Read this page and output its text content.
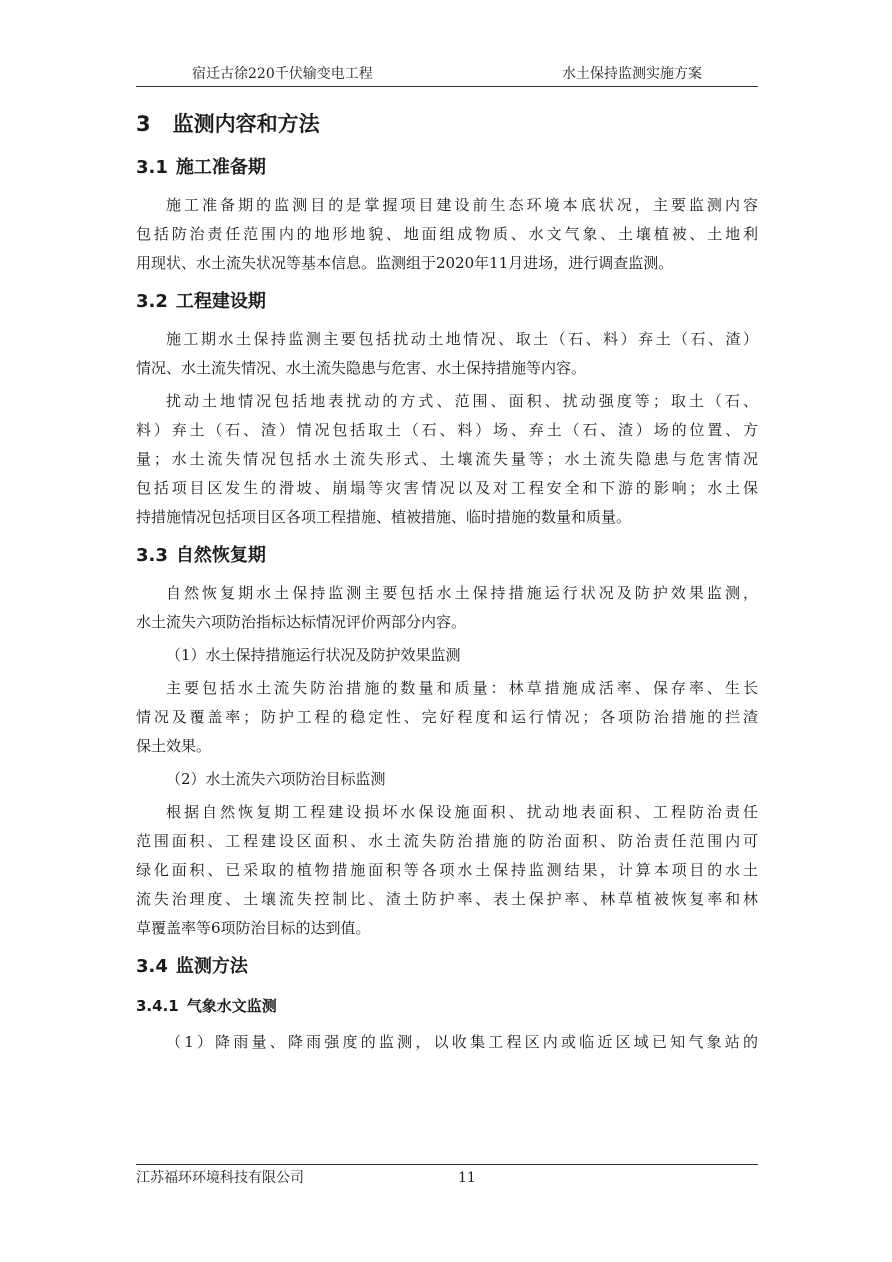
宿迁古徐220千伏输变电工程	水土保持监测实施方案
3 监测内容和方法
3.1 施工准备期
施工准备期的监测目的是掌握项目建设前生态环境本底状况，主要监测内容
包括防治责任范围内的地形地貌、地面组成物质、水文气象、土壤植被、土地利
用现状、水土流失状况等基本信息。监测组于2020年11月进场，进行调查监测。
3.2 工程建设期
施工期水土保持监测主要包括扰动土地情况、取土（石、料）弃土（石、渣）
情况、水土流失情况、水土流失隐患与危害、水土保持措施等内容。
扰动土地情况包括地表扰动的方式、范围、面积、扰动强度等；取土（石、
料）弃土（石、渣）情况包括取土（石、料）场、弃土（石、渣）场的位置、方
量；水土流失情况包括水土流失形式、土壤流失量等；水土流失隐患与危害情况
包括项目区发生的滑坡、崩塌等灾害情况以及对工程安全和下游的影响；水土保
持措施情况包括项目区各项工程措施、植被措施、临时措施的数量和质量。
3.3 自然恢复期
自然恢复期水土保持监测主要包括水土保持措施运行状况及防护效果监测，
水土流失六项防治指标达标情况评价两部分内容。
（1）水土保持措施运行状况及防护效果监测
主要包括水土流失防治措施的数量和质量：林草措施成活率、保存率、生长
情况及覆盖率；防护工程的稳定性、完好程度和运行情况；各项防治措施的拦渣
保土效果。
（2）水土流失六项防治目标监测
根据自然恢复期工程建设损坏水保设施面积、扰动地表面积、工程防治责任
范围面积、工程建设区面积、水土流失防治措施的防治面积、防治责任范围内可
绿化面积、已采取的植物措施面积等各项水土保持监测结果，计算本项目的水土
流失治理度、土壤流失控制比、渣土防护率、表土保护率、林草植被恢复率和林
草覆盖率等6项防治目标的达到值。
3.4 监测方法
3.4.1 气象水文监测
（1）降雨量、降雨强度的监测，以收集工程区内或临近区域已知气象站的
江苏福环环境科技有限公司	11
